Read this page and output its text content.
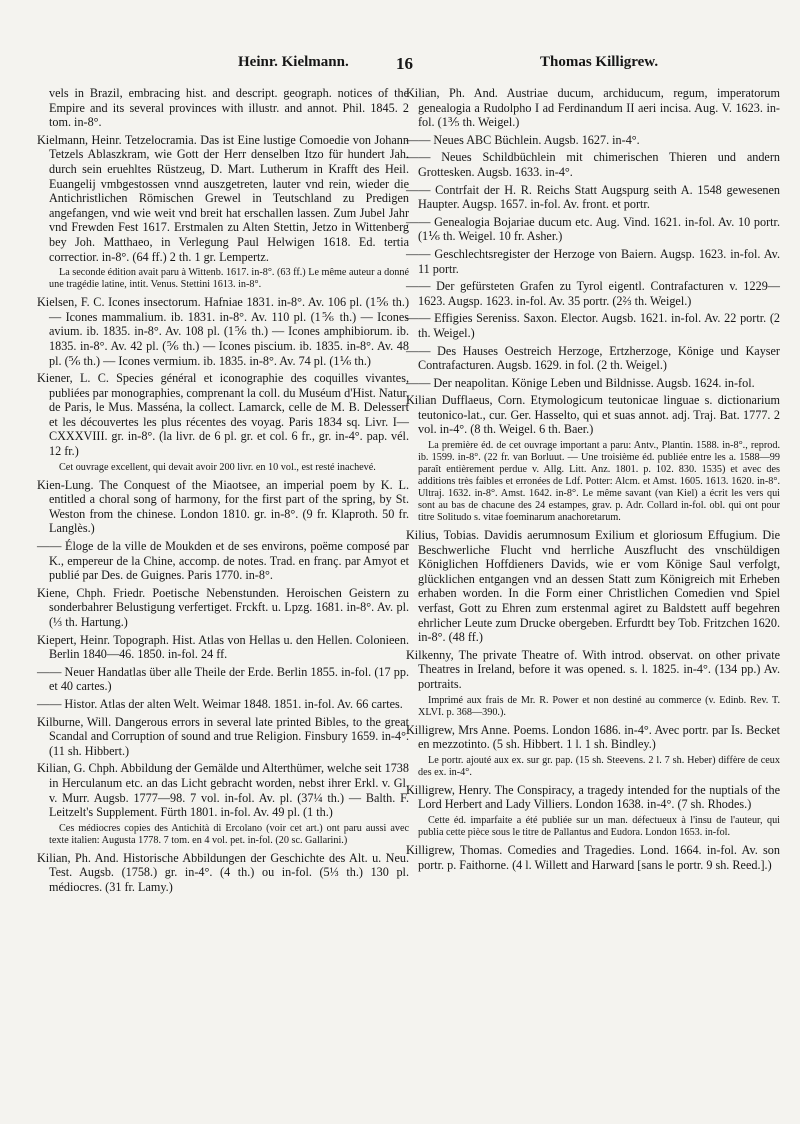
Heinr. Kielmann.	16	Thomas Killigrew.

vels in Brazil, embracing hist. and descript. geograph. notices of the Empire and its several provinces with illustr. and annot. Phil. 1845. 2 tom. in-8°.

Kielmann, Heinr. Tetzelocramia. Das ist Eine lustige Comoedie von Johann Tetzels Ablaszkram, wie Gott der Herr denselben Itzo für hundert Jah. durch sein eruehltes Rüstzeug, D. Mart. Lutherum in Krafft des Heil. Euangelij vmbgestossen vnnd auszgetreten, lauter vnd rein, wieder die Antichristlichen Römischen Grewel in Teutschland zu Predigen angefangen, vnd wie weit vnd breit hat erschallen lassen. Zum Jubel Jahr vnd Frewden Fest 1617. Erstmalen zu Alten Stettin, Jetzo in Wittenberg bey Joh. Matthaeo, in Verlegung Paul Helwigen 1618. Ed. tertia correctior. in-8°. (64 ff.) 2 th. 1 gr. Lempertz.

La seconde édition avait paru à Wittenb. 1617. in-8°. (63 ff.) Le même auteur a donné une tragédie latine, intit. Venus. Stettini 1613. in-8°.

Kielsen, F. C. Icones insectorum. Hafniae 1831. in-8°. Av. 106 pl. (1⅚ th.) — Icones mammalium. ib. 1831. in-8°. Av. 110 pl. (1⅚ th.) — Icones avium. ib. 1835. in-8°. Av. 108 pl. (1⅚ th.) — Icones amphibiorum. ib. 1835. in-8°. Av. 42 pl. (⅚ th.) — Icones piscium. ib. 1835. in-8°. Av. 48 pl. (⅚ th.) — Icones vermium. ib. 1835. in-8°. Av. 74 pl. (1⅙ th.)

Kiener, L. C. Species général et iconographie des coquilles vivantes, publiées par monographies, comprenant la coll. du Muséum d'Hist. Natur. de Paris, le Mus. Masséna, la collect. Lamarck, celle de M. B. Delessert et les découvertes les plus récentes des voyag. Paris 1834 sq. Livr. I—CXXXVIII. gr. in-8°. (la livr. de 6 pl. gr. et col. 6 fr., gr. in-4°. pap. vél. 12 fr.)

Cet ouvrage excellent, qui devait avoir 200 livr. en 10 vol., est resté inachevé.

Kien-Lung. The Conquest of the Miaotsee, an imperial poem by K. L. entitled a choral song of harmony, for the first part of the spring, by St. Weston from the chinese. London 1810. gr. in-8°. (9 fr. Klaproth. 50 fr. Langlès.)

—— Éloge de la ville de Moukden et de ses environs, poëme composé par K., empereur de la Chine, accomp. de notes. Trad. en franç. par Amyot et publié par Des. de Guignes. Paris 1770. in-8°.

Kiene, Chph. Friedr. Poetische Nebenstunden. Heroischen Geistern zu sonderbahrer Belustigung verfertiget. Frckft. u. Lpzg. 1681. in-8°. Av. pl. (⅓ th. Hartung.)

Kiepert, Heinr. Topograph. Hist. Atlas von Hellas u. den Hellen. Colonieen. Berlin 1840—46. 1850. in-fol. 24 ff.

—— Neuer Handatlas über alle Theile der Erde. Berlin 1855. in-fol. (17 pp. et 40 cartes.)

—— Histor. Atlas der alten Welt. Weimar 1848. 1851. in-fol. Av. 66 cartes.

Kilburne, Will. Dangerous errors in several late printed Bibles, to the great Scandal and Corruption of sound and true Religion. Finsbury 1659. in-4°. (11 sh. Hibbert.)

Kilian, G. Chph. Abbildung der Gemälde und Alterthümer, welche seit 1738 in Herculanum etc. an das Licht gebracht worden, nebst ihrer Erkl. v. Gl. v. Murr. Augsb. 1777—98. 7 vol. in-fol. Av. pl. (37¼ th.) — Balth. F. Leitzelt's Supplement. Fürth 1801. in-fol. Av. 49 pl. (1 th.)

Ces médiocres copies des Antichità di Ercolano (voir cet art.) ont paru aussi avec texte italien: Augusta 1778. 7 tom. en 4 vol. pet. in-fol. (20 sc. Gallarini.)

Kilian, Ph. And. Historische Abbildungen der Geschichte des Alt. u. Neu. Test. Augsb. (1758.) gr. in-4°. (4 th.) ou in-fol. (5⅓ th.) 130 pl. médiocres. (31 fr. Lamy.)

Kilian, Ph. And. Austriae ducum, archiducum, regum, imperatorum genealogia a Rudolpho I ad Ferdinandum II aeri incisa. Aug. V. 1623. in-fol. (1⅗ th. Weigel.)

—— Neues ABC Büchlein. Augsb. 1627. in-4°.

—— Neues Schildbüchlein mit chimerischen Thieren und andern Grottesken. Augsb. 1633. in-4°.

—— Contrfait der H. R. Reichs Statt Augspurg seith A. 1548 gewesenen Haupter. Augsp. 1657. in-fol. Av. front. et portr.

—— Genealogia Bojariae ducum etc. Aug. Vind. 1621. in-fol. Av. 10 portr. (1⅙ th. Weigel. 10 fr. Asher.)

—— Geschlechtsregister der Herzoge von Baiern. Augsp. 1623. in-fol. Av. 11 portr.

—— Der gefürsteten Grafen zu Tyrol eigentl. Contrafacturen v. 1229—1623. Augsp. 1623. in-fol. Av. 35 portr. (2⅔ th. Weigel.)

—— Effigies Sereniss. Saxon. Elector. Augsb. 1621. in-fol. Av. 22 portr. (2 th. Weigel.)

—— Des Hauses Oestreich Herzoge, Ertzherzoge, Könige und Kayser Contrafacturen. Augsb. 1629. in fol. (2 th. Weigel.)

—— Der neapolitan. Könige Leben und Bildnisse. Augsb. 1624. in-fol.

Kilian Dufflaeus, Corn. Etymologicum teutonicae linguae s. dictionarium teutonico-lat., cur. Ger. Hasselto, qui et suas annot. adj. Traj. Bat. 1777. 2 vol. in-4°. (8 th. Weigel. 6 th. Baer.)

La première éd. de cet ouvrage important a paru: Antv., Plantin. 1588. in-8°., reprod. ib. 1599. in-8°. (22 fr. van Borluut. — Une troisième éd. publiée entre les a. 1588—99 paraît entièrement perdue v. Allg. Litt. Anz. 1801. p. 102. 830. 1535) et avec des additions très faibles et erronées de Ldf. Potter: Alcm. et Amst. 1605. 1613. 1620. in-8°. Ultraj. 1632. in-8°. Amst. 1642. in-8°. Le même savant (van Kiel) a écrit les vers qui sont au bas de chacune des 24 estampes, grav. p. Adr. Collard in-fol. obl. qui ont pour titre Solitudo s. vitae foeminarum anachoretarum.

Kilius, Tobias. Davidis aerumnosum Exilium et gloriosum Effugium. Die Beschwerliche Flucht vnd herrliche Auszflucht des vnschüldigen Königlichen Hoffdieners Davids, wie er vom Könige Saul verfolgt, glücklichen entgangen vnd an dessen Statt zum Königreich mit Erheben erhaben worden. In die Form einer Christlichen Comedien vnd Spiel verfast, Gott zu Ehren zum erstenmal agiret zu Baldstett auff begehren ehrlicher Leute zum Drucke obergeben. Erfurdtt bey Tob. Fritzchen 1620. in-8°. (48 ff.)

Kilkenny, The private Theatre of. With introd. observat. on other private Theatres in Ireland, before it was opened. s. l. 1825. in-4°. (134 pp.) Av. portraits.

Imprimé aux frais de Mr. R. Power et non destiné au commerce (v. Edinb. Rev. T. XLVI. p. 368—390.).

Killigrew, Mrs Anne. Poems. London 1686. in-4°. Avec portr. par Is. Becket en mezzotinto. (5 sh. Hibbert. 1 l. 1 sh. Bindley.)

Le portr. ajouté aux ex. sur gr. pap. (15 sh. Steevens. 2 l. 7 sh. Heber) diffère de ceux des ex. in-4°.

Killigrew, Henry. The Conspiracy, a tragedy intended for the nuptials of the Lord Herbert and Lady Villiers. London 1638. in-4°. (7 sh. Rhodes.)

Cette éd. imparfaite a été publiée sur un man. défectueux à l'insu de l'auteur, qui publia cette pièce sous le titre de Pallantus and Eudora. London 1653. in-fol.

Killigrew, Thomas. Comedies and Tragedies. Lond. 1664. in-fol. Av. son portr. p. Faithorne. (4 l. Willett and Harward [sans le portr. 9 sh. Reed.].)
